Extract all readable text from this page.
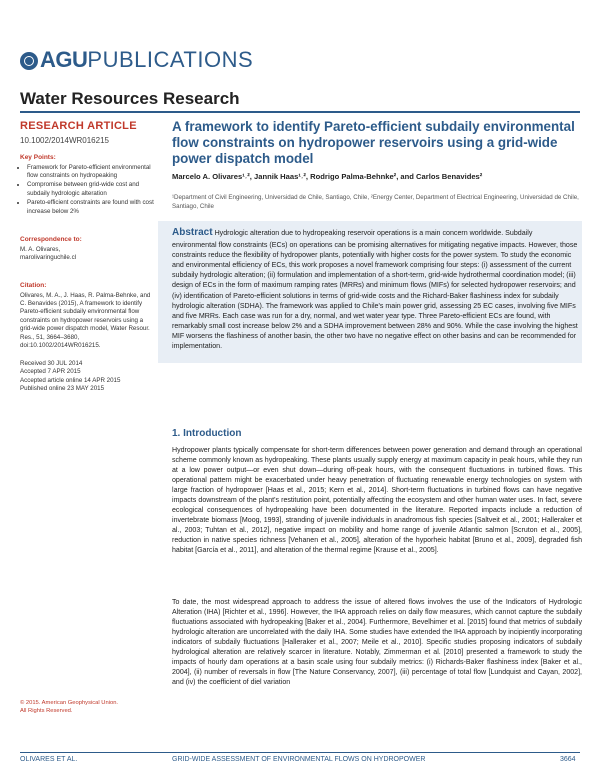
AGUPUBLICATIONS
Water Resources Research
RESEARCH ARTICLE
10.1002/2014WR016215
Key Points:
• Framework for Pareto-efficient environmental flow constraints on hydropeaking
• Compromise between grid-wide cost and subdaily hydrologic alteration
• Pareto-efficient constraints are found with cost increase below 2%
Correspondence to:
M. A. Olivares,
marolivaringuchile.cl
Citation:
Olivares, M. A., J. Haas, R. Palma-Behnke, and C. Benavides (2015), A framework to identify Pareto-efficient subdaily environmental flow constraints on hydropower reservoirs using a grid-wide power dispatch model, Water Resour. Res., 51, 3664–3680, doi:10.1002/2014WR016215.
Received 30 JUL 2014
Accepted 7 APR 2015
Accepted article online 14 APR 2015
Published online 23 MAY 2015
© 2015. American Geophysical Union.
All Rights Reserved.
A framework to identify Pareto-efficient subdaily environmental flow constraints on hydropower reservoirs using a grid-wide power dispatch model
Marcelo A. Olivares¹˒², Jannik Haas¹˒², Rodrigo Palma-Behnke², and Carlos Benavides²
¹Department of Civil Engineering, Universidad de Chile, Santiago, Chile, ²Energy Center, Department of Electrical Engineering, Universidad de Chile, Santiago, Chile
Abstract Hydrologic alteration due to hydropeaking reservoir operations is a main concern worldwide. Subdaily environmental flow constraints (ECs) on operations can be promising alternatives for mitigating negative impacts. However, those constraints reduce the flexibility of hydropower plants, potentially with higher costs for the power system. To study the economic and environmental efficiency of ECs, this work proposes a novel framework comprising four steps: (i) assessment of the current subdaily hydrologic alteration; (ii) formulation and implementation of a short-term, grid-wide hydrothermal coordination model; (iii) design of ECs in the form of maximum ramping rates (MRRs) and minimum flows (MIFs) for selected hydropower reservoirs; and (iv) identification of Pareto-efficient solutions in terms of grid-wide costs and the Richard-Baker flashiness index for subdaily hydrologic alteration (SDHA). The framework was applied to Chile's main power grid, assessing 25 EC cases, involving five MIFs and five MRRs. Each case was run for a dry, normal, and wet water year type. Three Pareto-efficient ECs are found, with remarkably small cost increase below 2% and a SDHA improvement between 28% and 90%. While the case involving the highest MIF worsens the flashiness of another basin, the other two have no negative effect on other basins and can be recommended for implementation.
1. Introduction
Hydropower plants typically compensate for short-term differences between power generation and demand through an operational scheme commonly known as hydropeaking. These plants usually supply energy at maximum capacity in peak hours, while they run at a low power output—or even shut down—during off-peak hours, with the consequent fluctuations in turbined flows. This operational pattern might be exacerbated under heavy penetration of fluctuating renewable energy technologies on system with large fraction of hydropower [Haas et al., 2015; Kern et al., 2014]. Short-term fluctuations in turbined flows can have negative impacts downstream of the plant's restitution point, potentially affecting the ecosystem and other human water uses. In fact, severe ecological consequences of hydropeaking have been documented in the literature. Reported impacts include a reduction of invertebrate biomass [Moog, 1993], stranding of juvenile individuals in anadromous fish species [Saltveit et al., 2001; Halleraker et al., 2003; Tuhtan et al., 2012], negative impact on mobility and home range of juvenile Atlantic salmon [Scruton et al., 2005], reduction in native species richness [Vehanen et al., 2005], alteration of the hyporheic habitat [Bruno et al., 2009], degraded fish habitat [García et al., 2011], and alteration of the thermal regime [Krause et al., 2005].
To date, the most widespread approach to address the issue of altered flows involves the use of the Indicators of Hydrologic Alteration (IHA) [Richter et al., 1996]. However, the IHA approach relies on daily flow measures, which cannot capture the subdaily fluctuations associated with hydropeaking [Baker et al., 2004]. Furthermore, Bevelhimer et al. [2015] found that metrics of subdaily hydrologic alteration are uncorrelated with the daily IHA. Some studies have extended the IHA approach by incipiently incorporating indicators of subdaily fluctuations [Halleraker et al., 2007; Meile et al., 2010]. Specific studies proposing indicators of subdaily hydrological alteration are relatively scarcer in literature. Notably, Zimmerman et al. [2010] presented a framework to study the impacts of hourly dam operations at a basin scale using four subdaily metrics: (i) Richards-Baker flashiness index [Baker et al., 2004], (ii) number of reversals in flow [The Nature Conservancy, 2007], (iii) percentage of total flow [Lundquist and Cayan, 2002], and (iv) the coefficient of diel variation
OLIVARES ET AL.	GRID-WIDE ASSESSMENT OF ENVIRONMENTAL FLOWS ON HYDROPOWER	3664
